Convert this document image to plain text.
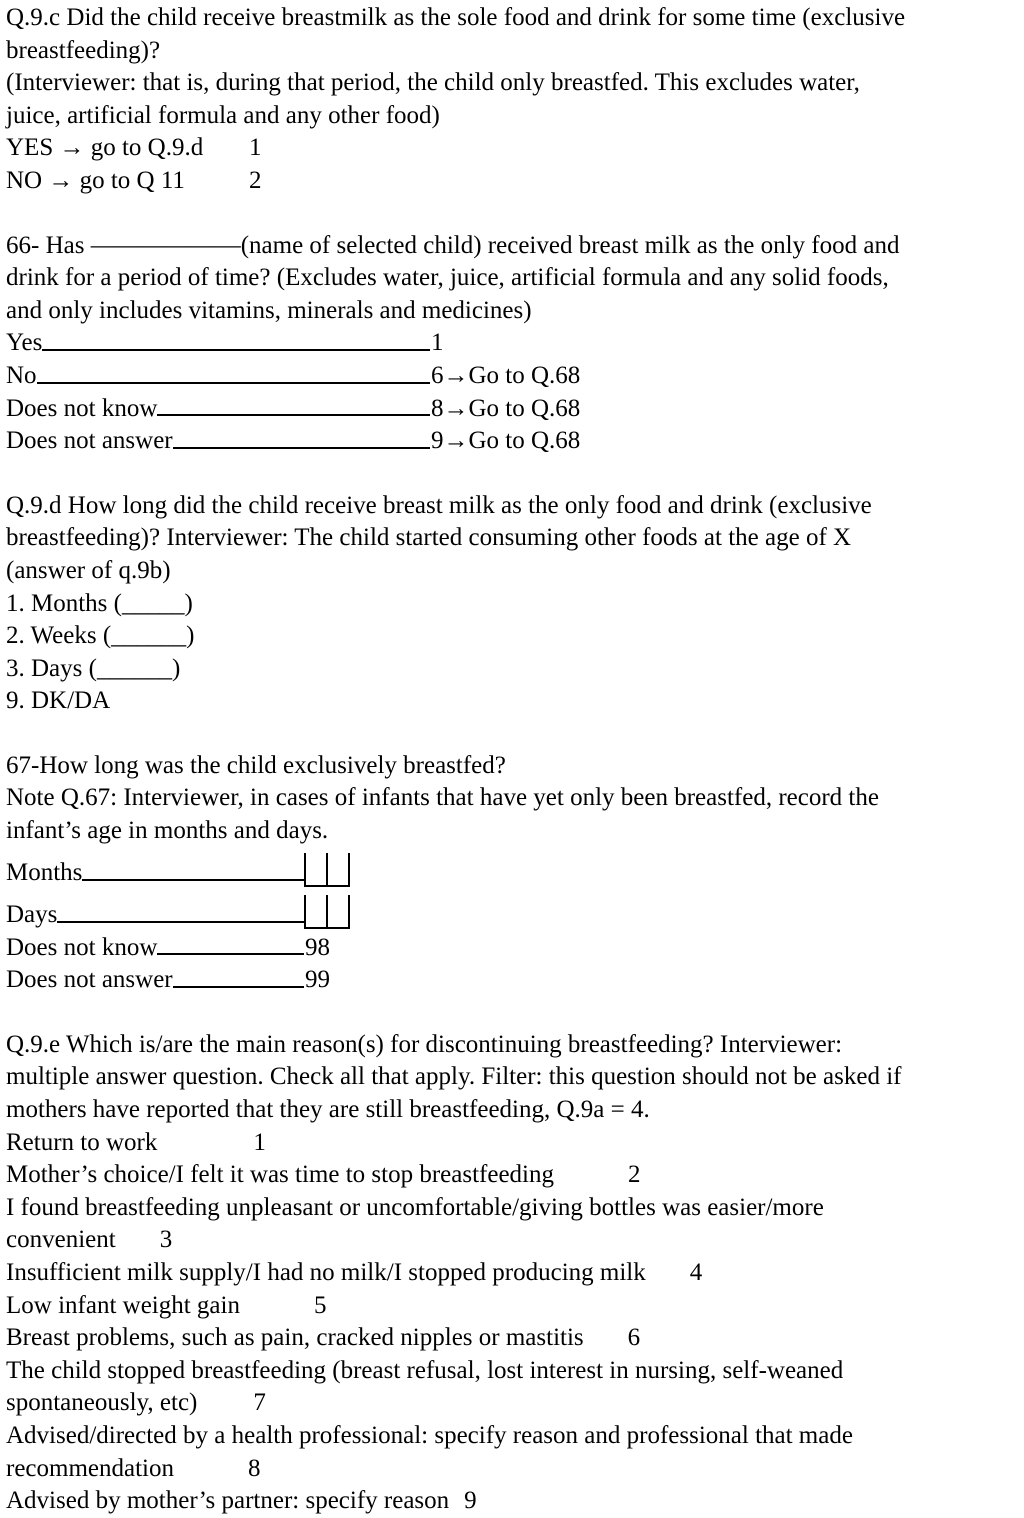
Q.9.c Did the child receive breastmilk as the sole food and drink for some time (exclusive
breastfeeding)?
(Interviewer: that is, during that period, the child only breastfed. This excludes water,
juice, artificial formula and any other food)
YES → go to Q.9.d 1
NO → go to Q 11	2
66- Has ——————(name of selected child) received breast milk as the only food and
drink for a period of time? (Excludes water, juice, artificial formula and any solid foods,
and only includes vitamins, minerals and medicines)
Yes	1
No	6→Go to Q.68
Does not know	8→Go to Q.68
Does not answer	9→Go to Q.68
Q.9.d How long did the child receive breast milk as the only food and drink (exclusive
breastfeeding)? Interviewer: The child started consuming other foods at the age of X
(answer of q.9b)
1. Months (_____)
2. Weeks (______)
3. Days (______)
9. DK/DA
67-How long was the child exclusively breastfed?
Note Q.67: Interviewer, in cases of infants that have yet only been breastfed, record the
infant’s age in months and days.
Months
Days
Does not know	98
Does not answer	99
Q.9.e Which is/are the main reason(s) for discontinuing breastfeeding? Interviewer:
multiple answer question. Check all that apply. Filter: this question should not be asked if
mothers have reported that they are still breastfeeding, Q.9a = 4.
Return to work	1
Mother’s choice/I felt it was time to stop breastfeeding	2
I found breastfeeding unpleasant or uncomfortable/giving bottles was easier/more
convenient 3
Insufficient milk supply/I had no milk/I stopped producing milk 4
Low infant weight gain	5
Breast problems, such as pain, cracked nipples or mastitis 6
The child stopped breastfeeding (breast refusal, lost interest in nursing, self-weaned
spontaneously, etc) 7
Advised/directed by a health professional: specify reason and professional that made
recommendation	8
Advised by mother’s partner: specify reason 9
